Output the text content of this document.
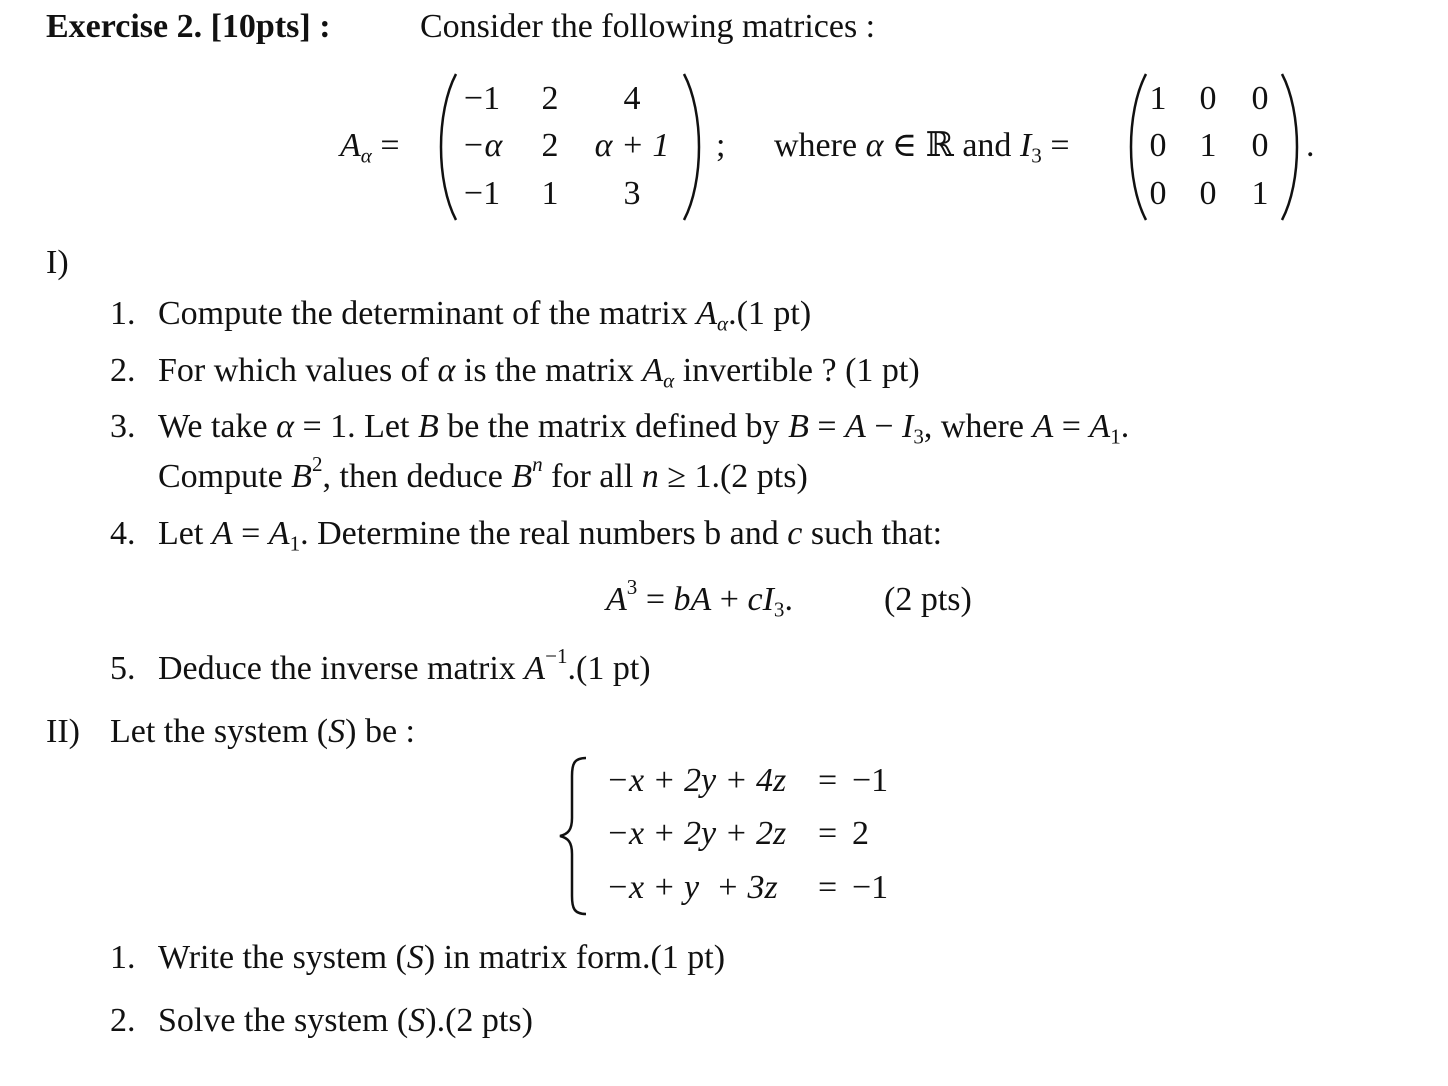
Exercise 2. [10pts] :	Consider the following matrices :
$A_\alpha$ =
−1 2 4
−α 2 α + 1
−1 1 3
; where α ∈ ℝ and $I_3$ =
1 0 0
0 1 0
0 0 1
.
I)
1. Compute the determinant of the matrix $A_\alpha.(1$ pt)
2. For which values of α is the matrix $A_\alpha$ invertible ? (1 pt)
3. We take α = 1. Let B be the matrix defined by $B = A - I_3$, where $A = A_1$.
Compute $B^2$, then deduce $B^n$ for all n ≥ 1.(2 pts)
4. Let $A = A_1$. Determine the real numbers b and c such that:
$A^3$ = bA + $cI_3$.	(2 pts)
5. Deduce the inverse matrix $A^{-1}.(1$ pt)
II) Let the system (S) be :
−x + 2y + 4z = −1
−x + 2y + 2z = 2
−x + y  + 3z = −1
1. Write the system (S) in matrix form.(1 pt)
2. Solve the system (S).(2 pts)
